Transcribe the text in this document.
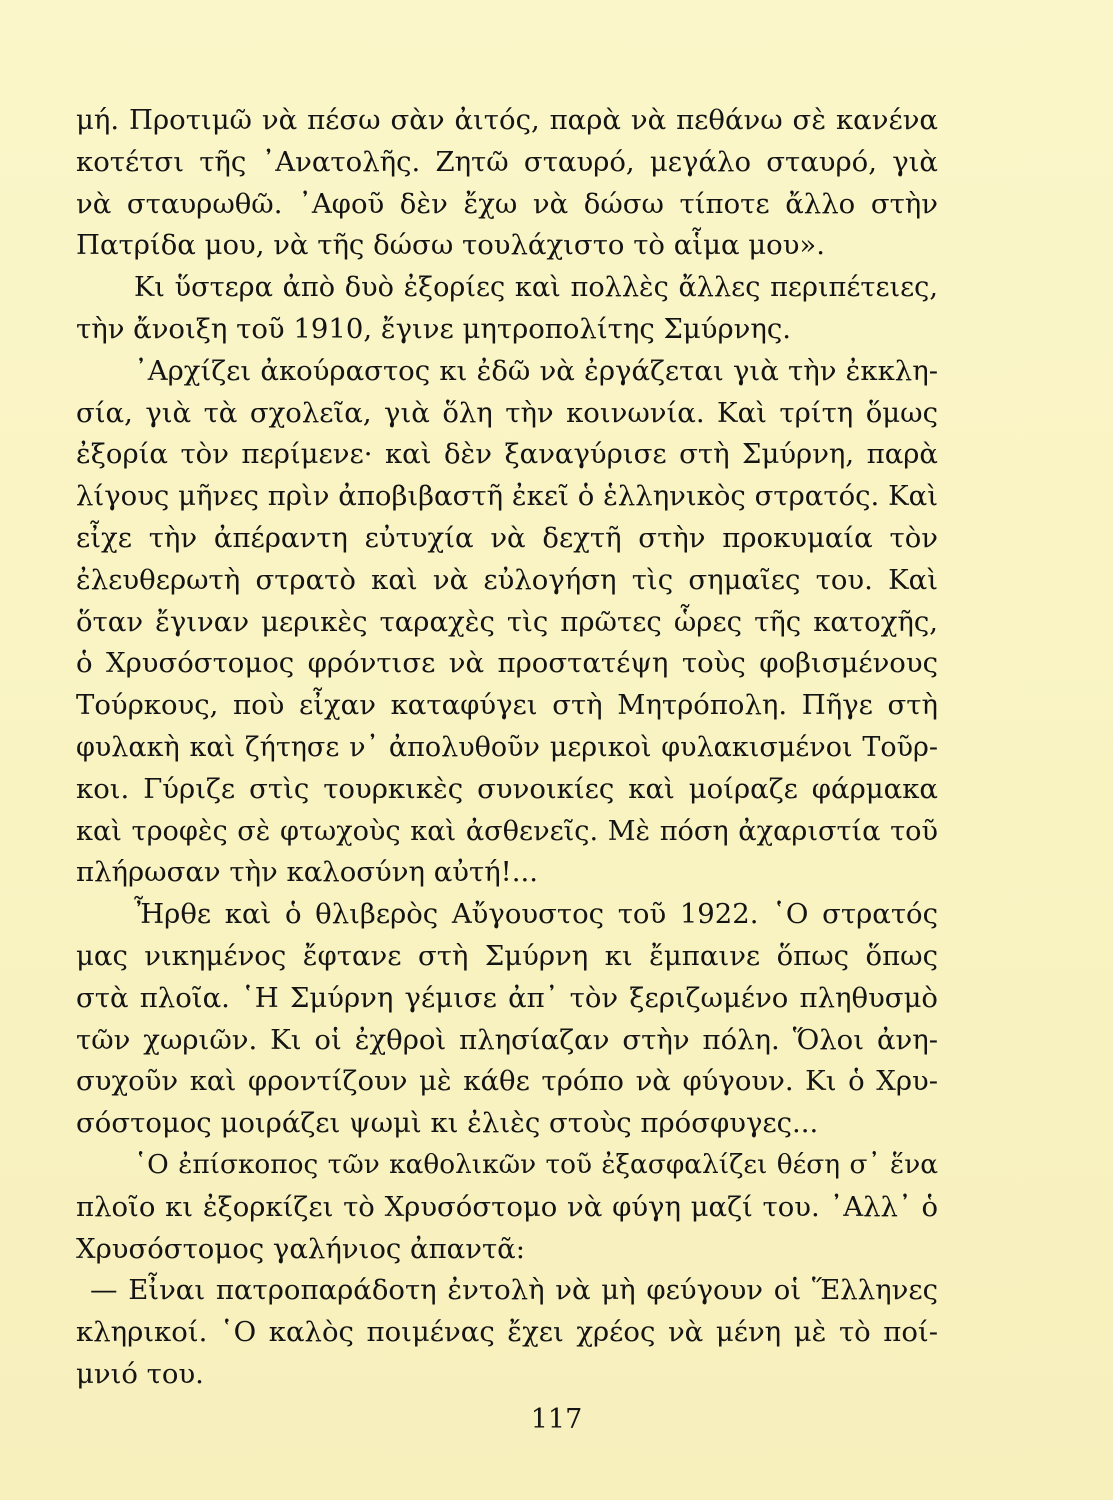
μή. Προτιμῶ νὰ πέσω σὰν ἀιτός, παρὰ νὰ πεθάνω σὲ κανένα
κοτέτσι τῆς ᾿Ανατολῆς. Ζητῶ σταυρό, μεγάλο σταυρό, γιὰ
νὰ σταυρωθῶ. ᾿Αφοῦ δὲν ἔχω νὰ δώσω τίποτε ἄλλο στὴν
Πατρίδα μου, νὰ τῆς δώσω τουλάχιστο τὸ αἷμα μου».
Κι ὕστερα ἀπὸ δυὸ ἐξορίες καὶ πολλὲς ἄλλες περιπέτειες,
τὴν ἄνοιξη τοῦ 1910, ἔγινε μητροπολίτης Σμύρνης.
᾿Αρχίζει ἀκούραστος κι ἐδῶ νὰ ἐργάζεται γιὰ τὴν ἐκκλη-
σία, γιὰ τὰ σχολεῖα, γιὰ ὅλη τὴν κοινωνία. Καὶ τρίτη ὅμως
ἐξορία τὸν περίμενε· καὶ δὲν ξαναγύρισε στὴ Σμύρνη, παρὰ
λίγους μῆνες πρὶν ἀποβιβαστῆ ἐκεῖ ὁ ἑλληνικὸς στρατός. Καὶ
εἶχε τὴν ἀπέραντη εὐτυχία νὰ δεχτῆ στὴν προκυμαία τὸν
ἐλευθερωτὴ στρατὸ καὶ νὰ εὐλογήση τὶς σημαῖες του. Καὶ
ὅταν ἔγιναν μερικὲς ταραχὲς τὶς πρῶτες ὧρες τῆς κατοχῆς,
ὁ Χρυσόστομος φρόντισε νὰ προστατέψη τοὺς φοβισμένους
Τούρκους, ποὺ εἶχαν καταφύγει στὴ Μητρόπολη. Πῆγε στὴ
φυλακὴ καὶ ζήτησε ν᾿ ἀπολυθοῦν μερικοὶ φυλακισμένοι Τοῦρ-
κοι. Γύριζε στὶς τουρκικὲς συνοικίες καὶ μοίραζε φάρμακα
καὶ τροφὲς σὲ φτωχοὺς καὶ ἀσθενεῖς. Μὲ πόση ἀχαριστία τοῦ
πλήρωσαν τὴν καλοσύνη αὐτή!...
Ἦρθε καὶ ὁ θλιβερὸς Αὔγουστος τοῦ 1922. ῾Ο στρατός
μας νικημένος ἔφτανε στὴ Σμύρνη κι ἔμπαινε ὅπως ὅπως
στὰ πλοῖα. ῾Η Σμύρνη γέμισε ἀπ᾿ τὸν ξεριζωμένο πληθυσμὸ
τῶν χωριῶν. Κι οἱ ἐχθροὶ πλησίαζαν στὴν πόλη. Ὅλοι ἀνη-
συχοῦν καὶ φροντίζουν μὲ κάθε τρόπο νὰ φύγουν. Κι ὁ Χρυ-
σόστομος μοιράζει ψωμὶ κι ἐλιὲς στοὺς πρόσφυγες...
῾Ο ἐπίσκοπος τῶν καθολικῶν τοῦ ἐξασφαλίζει θέση σ᾿ ἕνα
πλοῖο κι ἐξορκίζει τὸ Χρυσόστομο νὰ φύγη μαζί του. ᾿Αλλ᾿ ὁ
Χρυσόστομος γαλήνιος ἀπαντᾶ:
— Εἶναι πατροπαράδοτη ἐντολὴ νὰ μὴ φεύγουν οἱ Ἕλληνες
κληρικοί. ῾Ο καλὸς ποιμένας ἔχει χρέος νὰ μένη μὲ τὸ ποί-
μνιό του.
117
